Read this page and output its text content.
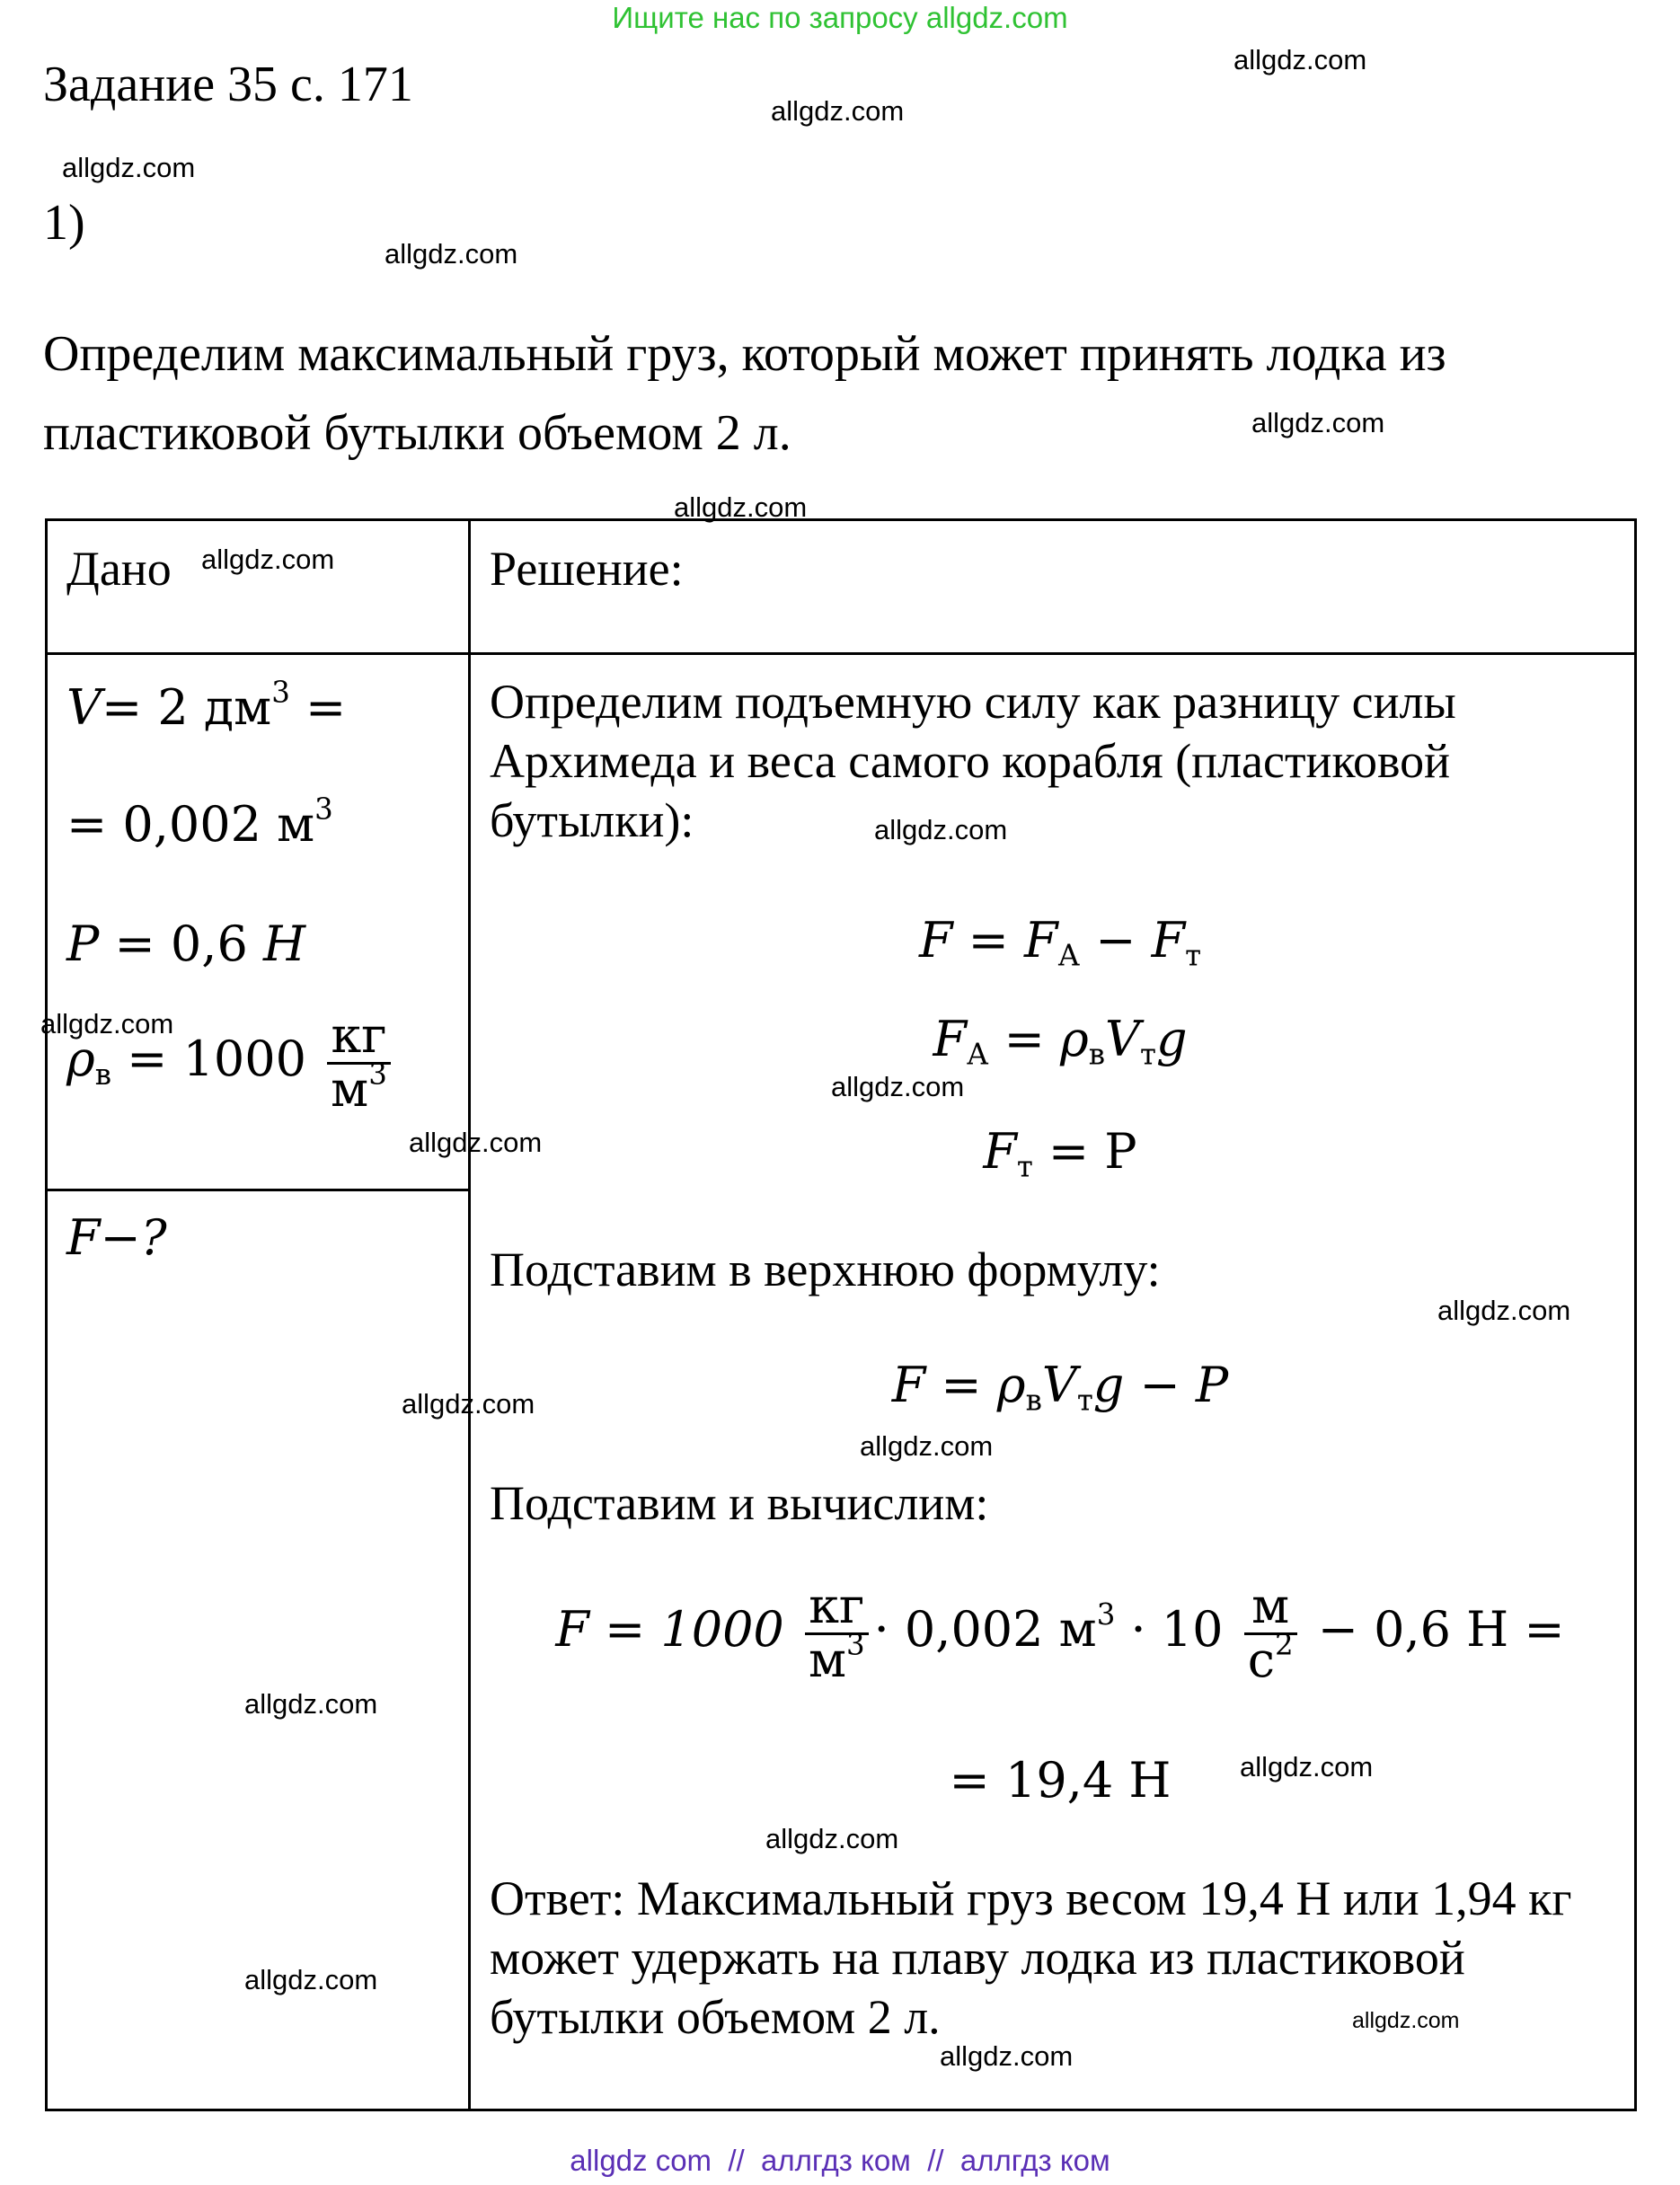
Ищите нас по запросу allgdz.com
Задание 35 с. 171
1)
Определим максимальный груз, который может принять лодка из пластиковой бутылки объемом 2 л.
Дано	Решение:
V= 2 $дм^3$ =
= 0,002 $м^3$
P = 0,6 H
$\rho_в = 1000 \frac{кг}{м^3}$
F−?
Определим подъемную силу как разницу силы Архимеда и веса самого корабля (пластиковой бутылки):
$F = F_А - F_т$
$F_А = \rho_вV_тg$
$F_т = P$
Подставим в верхнюю формулу:
$F = \rho_вV_тg - P$
Подставим и вычислим:
$F = 1000 \frac{кг}{м^3} \cdot 0,002$ $м^3 \cdot 10 \frac{м}{с^2} - 0,6$ Н =
= 19,4 Н
Ответ: Максимальный груз весом 19,4 Н или 1,94 кг может удержать на плаву лодка из пластиковой бутылки объемом 2 л.
allgdz.com
allgdz.com
allgdz.com
allgdz.com
allgdz.com
allgdz.com
allgdz.com
allgdz.com
allgdz.com
allgdz.com
allgdz.com
allgdz.com
allgdz.com
allgdz.com
allgdz.com
allgdz.com
allgdz.com
allgdz.com
allgdz.com
allgdz.com
allgdz com  //  аллгдз ком  //  аллгдз ком
